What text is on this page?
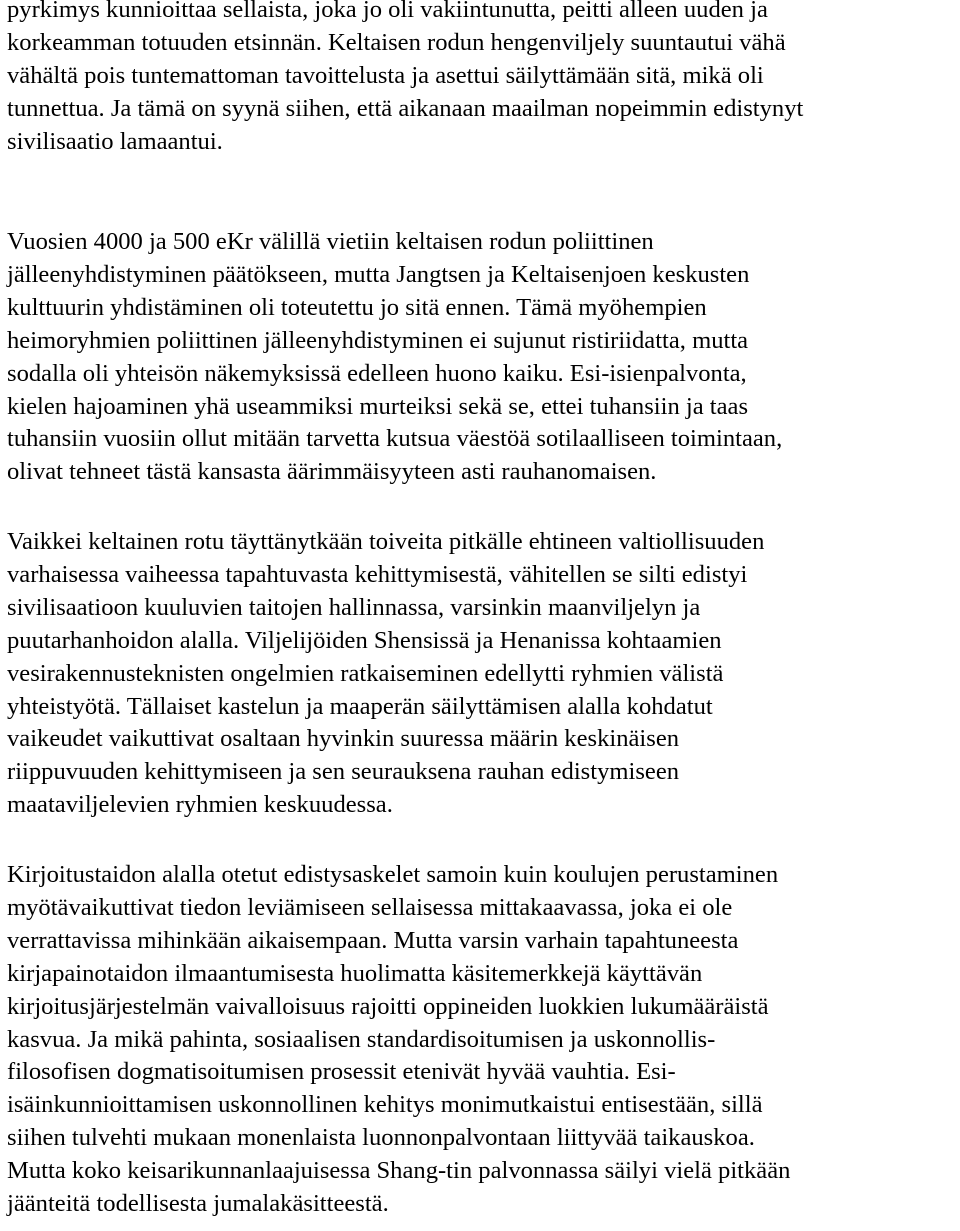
pyrkimys kunnioittaa sellaista, joka jo oli vakiintunutta, peitti alleen uuden ja
korkeamman totuuden etsinnän. Keltaisen rodun hengenviljely suuntautui vähä
vähältä pois tuntemattoman tavoittelusta ja asettui säilyttämään sitä, mikä oli
tunnettua. Ja tämä on syynä siihen, että aikanaan maailman nopeimmin edistynyt
sivilisaatio lamaantui.
Vuosien 4000 ja 500 eKr välillä vietiin keltaisen rodun poliittinen
jälleenyhdistyminen päätökseen, mutta Jangtsen ja Keltaisenjoen keskusten
kulttuurin yhdistäminen oli toteutettu jo sitä ennen. Tämä myöhempien
heimoryhmien poliittinen jälleenyhdistyminen ei sujunut ristiriidatta, mutta
sodalla oli yhteisön näkemyksissä edelleen huono kaiku. Esi-isienpalvonta,
kielen hajoaminen yhä useammiksi murteiksi sekä se, ettei tuhansiin ja taas
tuhansiin vuosiin ollut mitään tarvetta kutsua väestöä sotilaalliseen toimintaan,
olivat tehneet tästä kansasta äärimmäisyyteen asti rauhanomaisen.
Vaikkei keltainen rotu täyttänytkään toiveita pitkälle ehtineen valtiollisuuden
varhaisessa vaiheessa tapahtuvasta kehittymisestä, vähitellen se silti edistyi
sivilisaatioon kuuluvien taitojen hallinnassa, varsinkin maanviljelyn ja
puutarhanhoidon alalla. Viljelijöiden Shensissä ja Henanissa kohtaamien
vesirakennusteknisten ongelmien ratkaiseminen edellytti ryhmien välistä
yhteistyötä. Tällaiset kastelun ja maaperän säilyttämisen alalla kohdatut
vaikeudet vaikuttivat osaltaan hyvinkin suuressa määrin keskinäisen
riippuvuuden kehittymiseen ja sen seurauksena rauhan edistymiseen
maataviljelevien ryhmien keskuudessa.
Kirjoitustaidon alalla otetut edistysaskelet samoin kuin koulujen perustaminen
myötävaikuttivat tiedon leviämiseen sellaisessa mittakaavassa, joka ei ole
verrattavissa mihinkään aikaisempaan. Mutta varsin varhain tapahtuneesta
kirjapainotaidon ilmaantumisesta huolimatta käsitemerkkejä käyttävän
kirjoitusjärjestelmän vaivalloisuus rajoitti oppineiden luokkien lukumääräistä
kasvua. Ja mikä pahinta, sosiaalisen standardisoitumisen ja uskonnollis-
filosofisen dogmatisoitumisen prosessit etenivät hyvää vauhtia. Esi-
isäinkunnioittamisen uskonnollinen kehitys monimutkaistui entisestään, sillä
siihen tulvehti mukaan monenlaista luonnonpalvontaan liittyvää taikauskoa.
Mutta koko keisarikunnanlaajuisessa Shang-tin palvonnassa säilyi vielä pitkään
jäänteitä todellisesta jumalakäsitteestä.
